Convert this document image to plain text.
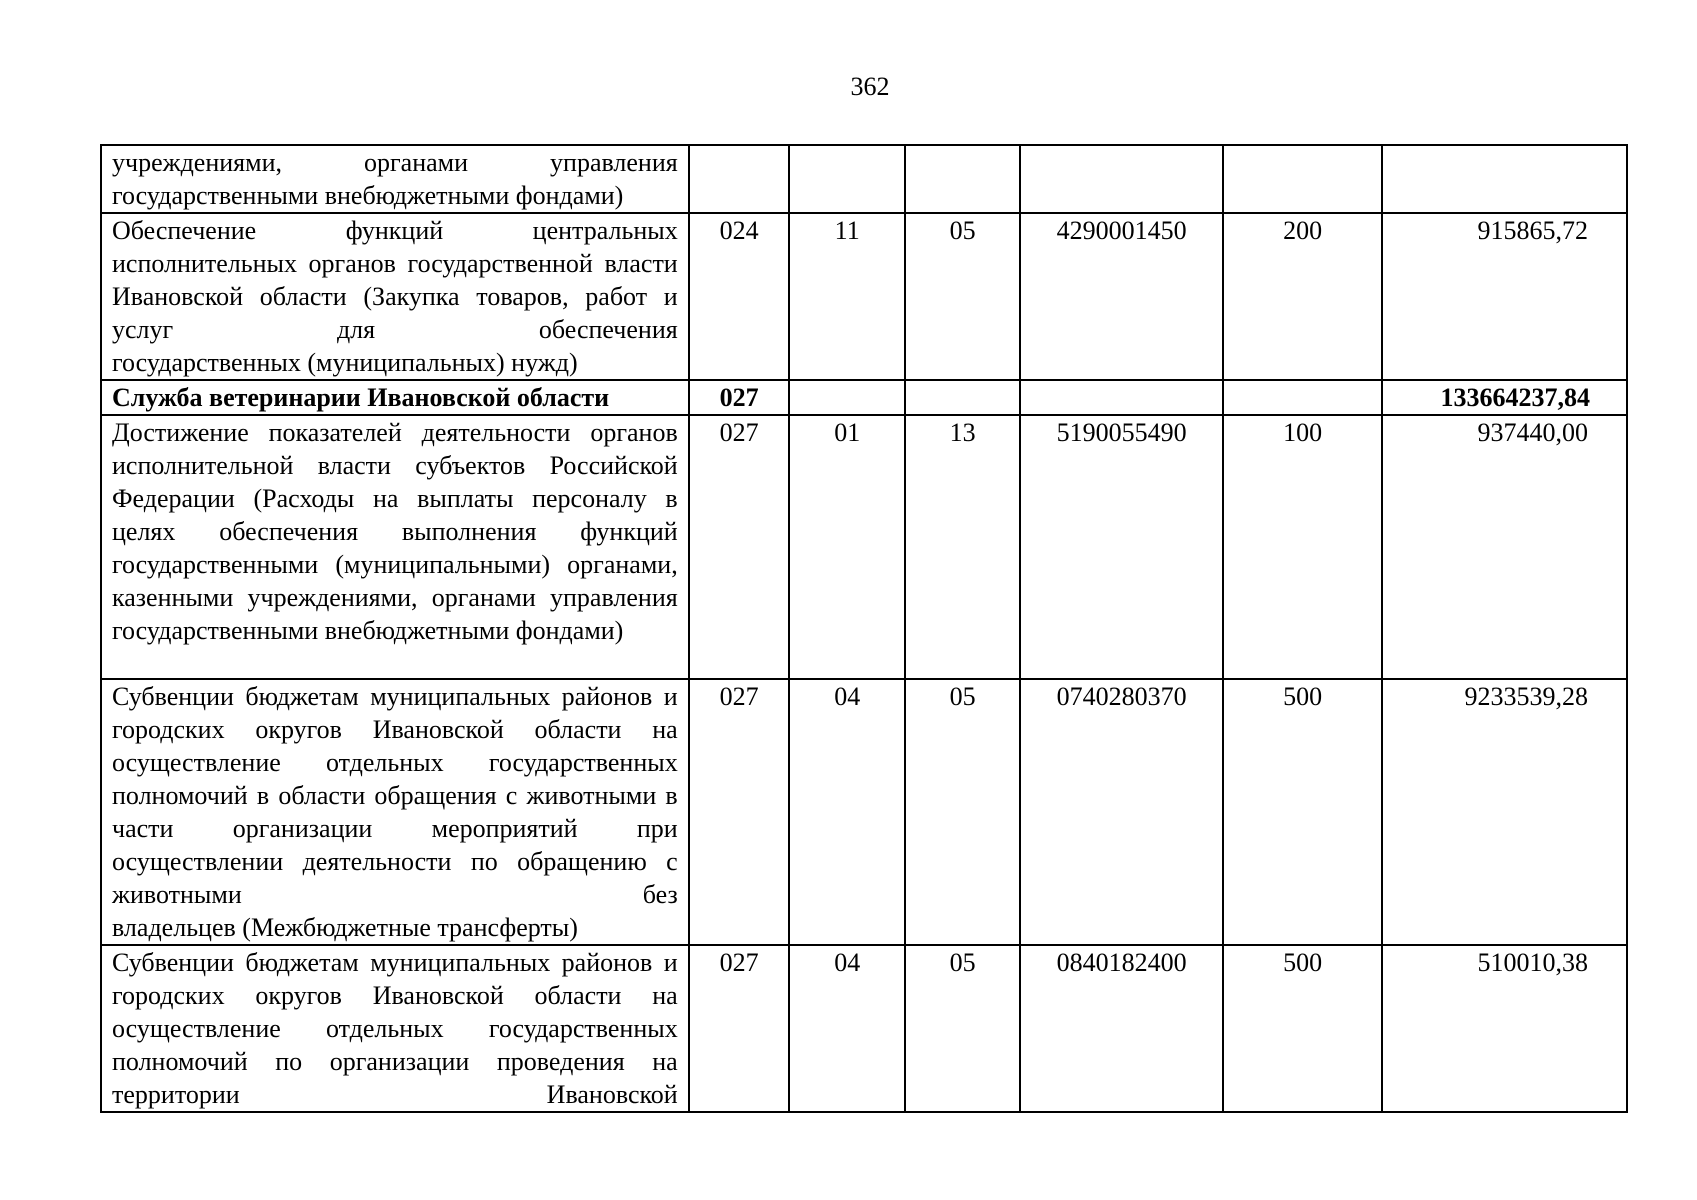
362
учреждениями, органами управления
государственными внебюджетными фондами)						

Обеспечение функций центральных исполнительных органов государственной власти Ивановской области (Закупка товаров, работ и услуг для обеспечения
государственных (муниципальных) нужд)	024	11	05	4290001450	200	915865,72

Служба ветеринарии Ивановской области	027					133664237,84

Достижение показателей деятельности органов исполнительной власти субъектов Российской Федерации (Расходы на выплаты персоналу в целях обеспечения выполнения функций государственными (муниципальными) органами, казенными учреждениями, органами управления
государственными внебюджетными фондами)	027	01	13	5190055490	100	937440,00

Субвенции бюджетам муниципальных районов и городских округов Ивановской области на осуществление отдельных государственных полномочий в области обращения с животными в части организации мероприятий при осуществлении деятельности по обращению с животными без
владельцев (Межбюджетные трансферты)	027	04	05	0740280370	500	9233539,28

Субвенции бюджетам муниципальных районов и городских округов Ивановской области на осуществление отдельных государственных полномочий по организации проведения на территории Ивановской	027	04	05	0840182400	500	510010,38
